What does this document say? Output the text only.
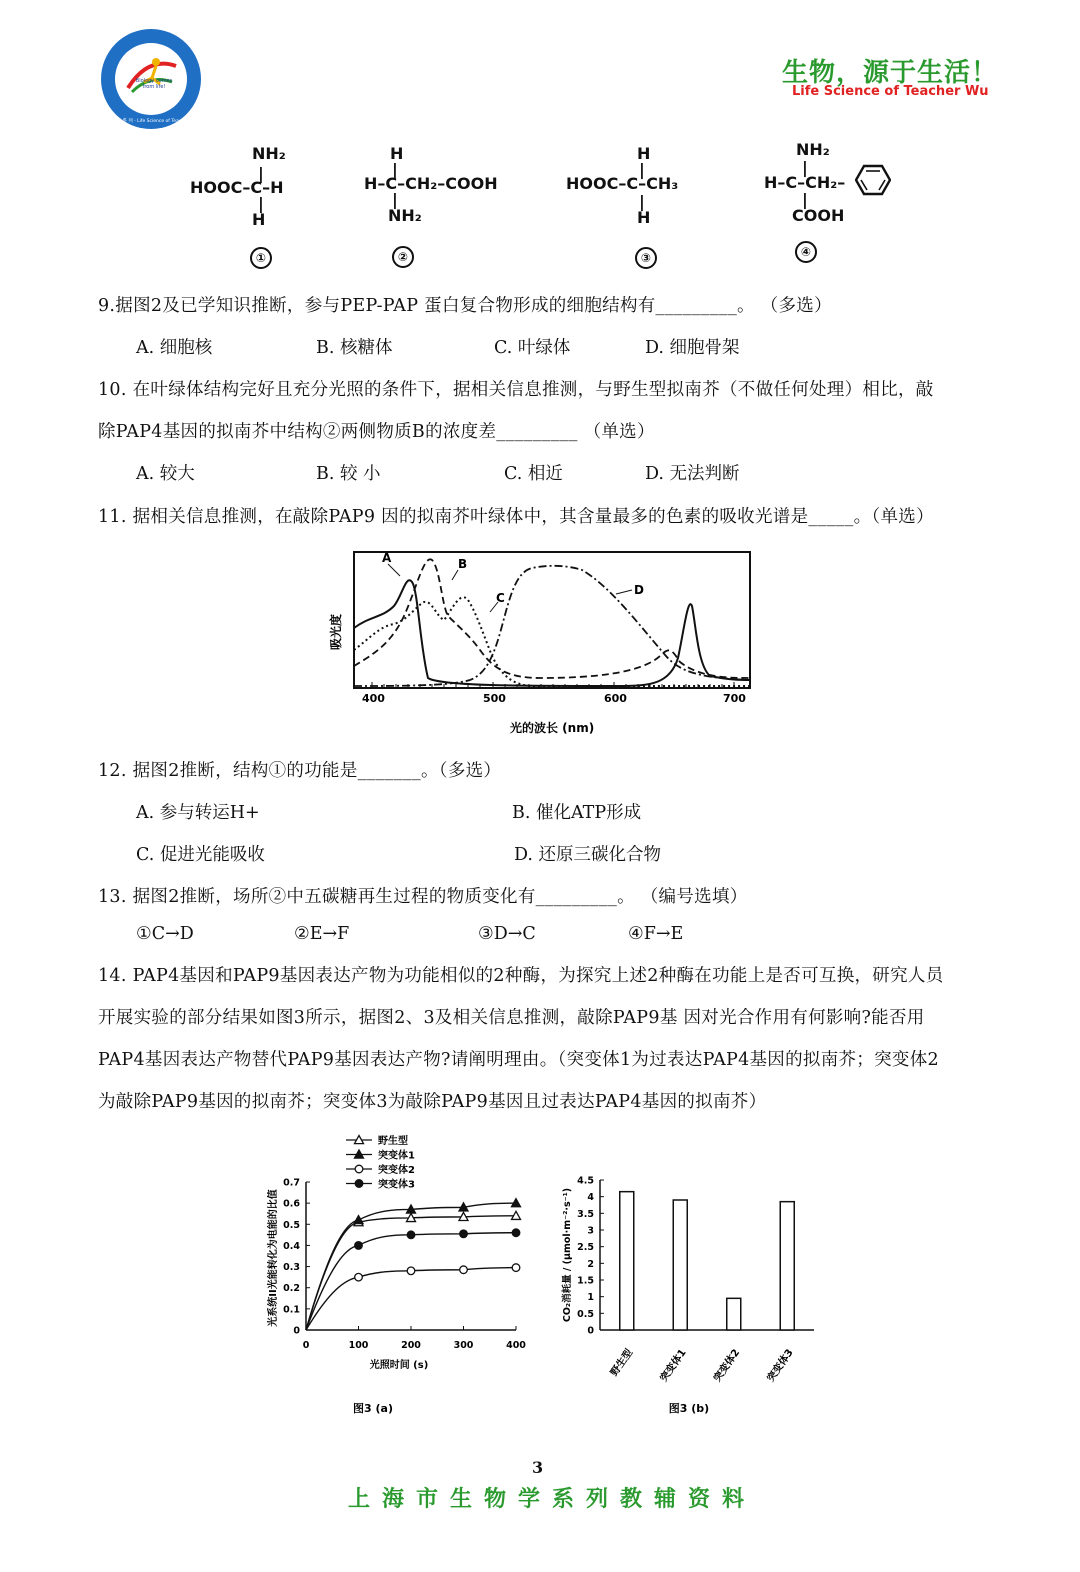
Biology comes from life!
生 物 学 系 列 · Life Science of Teacher Wu
生物，源于生活！
Life Science of Teacher Wu
NH₂
|
HOOC–C–H
|
H
①
H
|
H–C–CH₂–COOH
|
NH₂
②
H
|
HOOC–C–CH₃
|
H
③
NH₂
|
H–C–CH₂–
|
COOH
④
9.据图2及已学知识推断，参与PEP-PAP 蛋白复合物形成的细胞结构有_________。 （多选）
A. 细胞核	B. 核糖体	C. 叶绿体	D. 细胞骨架
10. 在叶绿体结构完好且充分光照的条件下，据相关信息推测，与野生型拟南芥（不做任何处理）相比，敲
除PAP4基因的拟南芥中结构②两侧物质B的浓度差_________ （单选）
A. 较大	B. 较 小	C. 相近	D. 无法判断
11. 据相关信息推测，在敲除PAP9 因的拟南芥叶绿体中，其含量最多的色素的吸收光谱是_____。（单选）
A	B
C
D
400	500	600	700
光的波长 (nm)
吸光度
12. 据图2推断，结构①的功能是_______。（多选）
A. 参与转运H+	B. 催化ATP形成
C. 促进光能吸收	D. 还原三碳化合物
13. 据图2推断，场所②中五碳糖再生过程的物质变化有_________。 （编号选填）
①C→D	②E→F	③D→C	④F→E
14. PAP4基因和PAP9基因表达产物为功能相似的2种酶，为探究上述2种酶在功能上是否可互换，研究人员
开展实验的部分结果如图3所示，据图2、3及相关信息推测，敲除PAP9基 因对光合作用有何影响?能否用
PAP4基因表达产物替代PAP9基因表达产物?请阐明理由。（突变体1为过表达PAP4基因的拟南芥；突变体2
为敲除PAP9基因的拟南芥；突变体3为敲除PAP9基因且过表达PAP4基因的拟南芥）
野生型
突变体1
突变体2
突变体3
0
0.1
0.2
0.3
0.4
0.5
0.6
0.7
0	100	200	300	400
光照时间 (s)
光系统II光能转化为电能的比值
图3 (a)
0
0.5
1
1.5
2
2.5
3
3.5
4
4.5
CO₂消耗量 / (μmol·m⁻²·s⁻¹)
野生型 突变体1 突变体2 突变体3
图3 (b)
3
上海市生物学系列教辅资料
